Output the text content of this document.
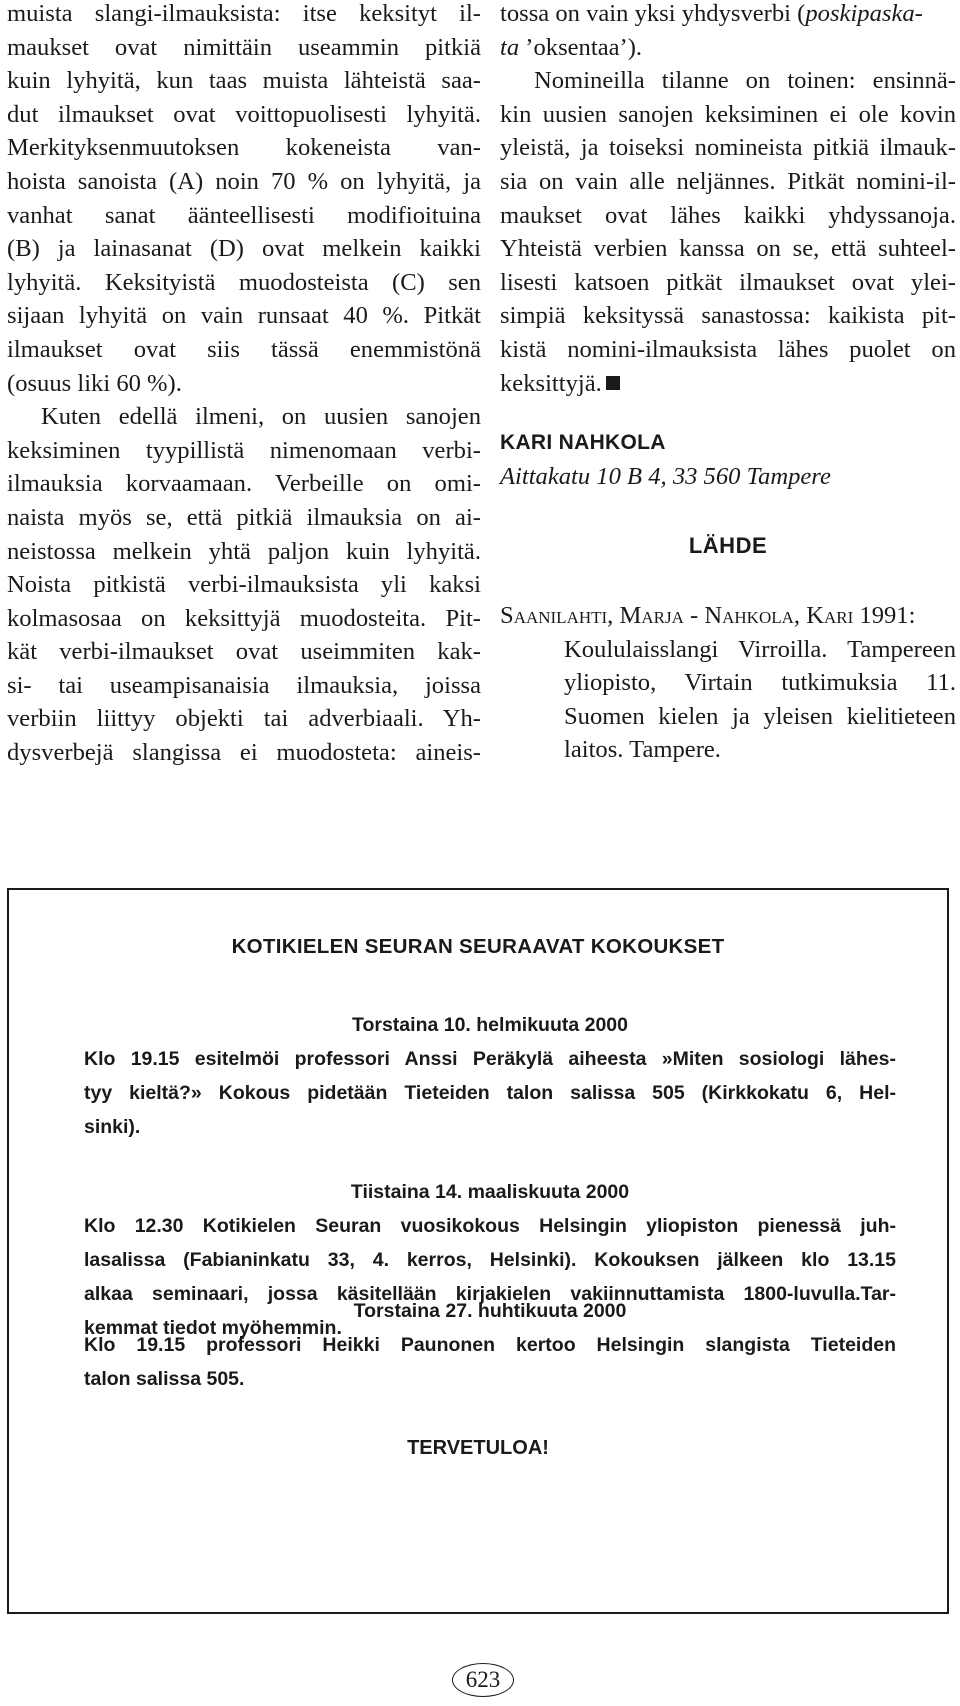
muista slangi-ilmauksista: itse keksityt il-
maukset ovat nimittäin useammin pitkiä
kuin lyhyitä, kun taas muista lähteistä saa-
dut ilmaukset ovat voittopuolisesti lyhyitä.
Merkityksenmuutoksen kokeneista van-
hoista sanoista (A) noin 70 % on lyhyitä, ja
vanhat sanat äänteellisesti modifioituina
(B) ja lainasanat (D) ovat melkein kaikki
lyhyitä. Keksityistä muodosteista (C) sen
sijaan lyhyitä on vain runsaat 40 %. Pitkät
ilmaukset ovat siis tässä enemmistönä
(osuus liki 60 %).

Kuten edellä ilmeni, on uusien sanojen
keksiminen tyypillistä nimenomaan verbi-
ilmauksia korvaamaan. Verbeille on omi-
naista myös se, että pitkiä ilmauksia on ai-
neistossa melkein yhtä paljon kuin lyhyitä.
Noista pitkistä verbi-ilmauksista yli kaksi
kolmasosaa on keksittyjä muodosteita. Pit-
kät verbi-ilmaukset ovat useimmiten kak-
si- tai useampisanaisia ilmauksia, joissa
verbiin liittyy objekti tai adverbiaali. Yh-
dysverbejä slangissa ei muodosteta: aineis-

tossa on vain yksi yhdysverbi (poskipaska-
ta ’oksentaa’).

Nomineilla tilanne on toinen: ensinnä-
kin uusien sanojen keksiminen ei ole kovin
yleistä, ja toiseksi nomineista pitkiä ilmauk-
sia on vain alle neljännes. Pitkät nomini-il-
maukset ovat lähes kaikki yhdyssanoja.
Yhteistä verbien kanssa on se, että suhteel-
lisesti katsoen pitkät ilmaukset ovat ylei-
simpiä keksityssä sanastossa: kaikista pit-
kistä nomini-ilmauksista lähes puolet on
keksittyjä.

KARI NAHKOLA
Aittakatu 10 B 4, 33 560 Tampere
LÄHDE
Saanilahti, Marja - Nahkola, Kari 1991:
Koululaisslangi Virroilla. Tampereen
yliopisto, Virtain tutkimuksia 11.
Suomen kielen ja yleisen kielitieteen
laitos. Tampere.
KOTIKIELEN SEURAN SEURAAVAT KOKOUKSET
Torstaina 10. helmikuuta 2000
Klo 19.15 esitelmöi professori Anssi Peräkylä aiheesta »Miten sosiologi lähes-
tyy kieltä?» Kokous pidetään Tieteiden talon salissa 505 (Kirkkokatu 6, Hel-
sinki).
Tiistaina 14. maaliskuuta 2000
Klo 12.30 Kotikielen Seuran vuosikokous Helsingin yliopiston pienessä juh-
lasalissa (Fabianinkatu 33, 4. kerros, Helsinki). Kokouksen jälkeen klo 13.15
alkaa seminaari, jossa käsitellään kirjakielen vakiinnuttamista 1800-luvulla.Tar-
kemmat tiedot myöhemmin.
Torstaina 27. huhtikuuta 2000
Klo 19.15 professori Heikki Paunonen kertoo Helsingin slangista Tieteiden
talon salissa 505.
TERVETULOA!
623
